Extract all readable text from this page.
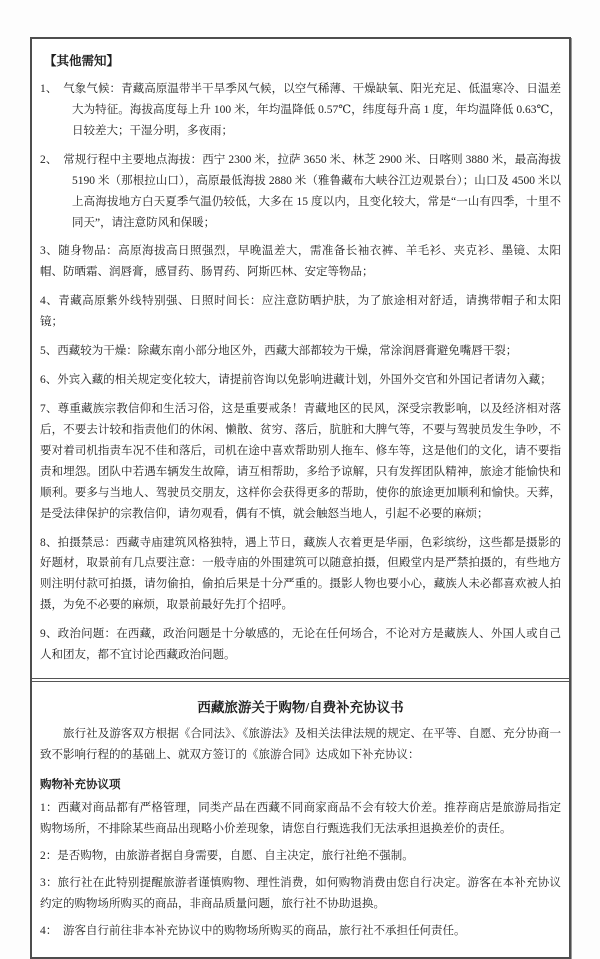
【其他需知】

1、　气象气候：青藏高原温带半干旱季风气候，以空气稀薄、干燥缺氧、阳光充足、低温寒冷、日温差大为特征。海拔高度每上升 100 米，年均温降低 0.57℃，纬度每升高 1 度，年均温降低 0.63℃，日较差大；干湿分明，多夜雨；

2、　常规行程中主要地点海拔：西宁 2300 米，拉萨 3650 米、林芝 2900 米、日喀则 3880 米，最高海拔 5190 米（那根拉山口），高原最低海拔 2880 米（雅鲁藏布大峡谷江边观景台）；山口及 4500 米以上高海拔地方白天夏季气温仍较低，大多在 15 度以内，且变化较大，常是“一山有四季，十里不同天”，请注意防风和保暖；

3、随身物品：高原海拔高日照强烈，早晚温差大，需准备长袖衣裤、羊毛衫、夹克衫、墨镜、太阳帽、防晒霜、润唇膏，感冒药、肠胃药、阿斯匹林、安定等物品；

4、青藏高原紫外线特别强、日照时间长：应注意防晒护肤，为了旅途相对舒适，请携带帽子和太阳镜；

5、西藏较为干燥：除藏东南小部分地区外，西藏大部都较为干燥，常涂润唇膏避免嘴唇干裂；

6、外宾入藏的相关规定变化较大，请提前咨询以免影响进藏计划，外国外交官和外国记者请勿入藏；

7、尊重藏族宗教信仰和生活习俗，这是重要戒条！青藏地区的民风，深受宗教影响，以及经济相对落后，不要去计较和指责他们的休闲、懒散、贫穷、落后，肮脏和大脾气等，不要与驾驶员发生争吵，不要对着司机指责车况不佳和落后，司机在途中喜欢帮助别人拖车、修车等，这是他们的文化，请不要指责和埋怨。团队中若遇车辆发生故障，请互相帮助，多给予谅解，只有发挥团队精神，旅途才能愉快和顺利。要多与当地人、驾驶员交朋友，这样你会获得更多的帮助，使你的旅途更加顺利和愉快。天葬，是受法律保护的宗教信仰，请勿观看，偶有不慎，就会触怒当地人，引起不必要的麻烦；

8、拍摄禁忌：西藏寺庙建筑风格独特，遇上节日，藏族人衣着更是华丽，色彩缤纷，这些都是摄影的好题材，取景前有几点要注意：一般寺庙的外围建筑可以随意拍摄，但殿堂内是严禁拍摄的，有些地方则注明付款可拍摄，请勿偷拍，偷拍后果是十分严重的。摄影人物也要小心，藏族人未必都喜欢被人拍摄，为免不必要的麻烦，取景前最好先打个招呼。

9、政治问题：在西藏，政治问题是十分敏感的，无论在任何场合，不论对方是藏族人、外国人或自己人和团友，都不宜讨论西藏政治问题。

西藏旅游关于购物/自费补充协议书

旅行社及游客双方根据《合同法》、《旅游法》及相关法律法规的规定、在平等、自愿、充分协商一致不影响行程的的基础上、就双方签订的《旅游合同》达成如下补充协议：

购物补充协议项

1：西藏对商品都有严格管理，同类产品在西藏不同商家商品不会有较大价差。推荐商店是旅游局指定购物场所，不排除某些商品出现略小价差现象，请您自行甄选我们无法承担退换差价的责任。

2：是否购物，由旅游者据自身需要，自愿、自主决定，旅行社绝不强制。

3：旅行社在此特别提醒旅游者谨慎购物、理性消费，如何购物消费由您自行决定。游客在本补充协议约定的购物场所购买的商品，非商品质量问题，旅行社不协助退换。

4：　游客自行前往非本补充协议中的购物场所购买的商品，旅行社不承担任何责任。
